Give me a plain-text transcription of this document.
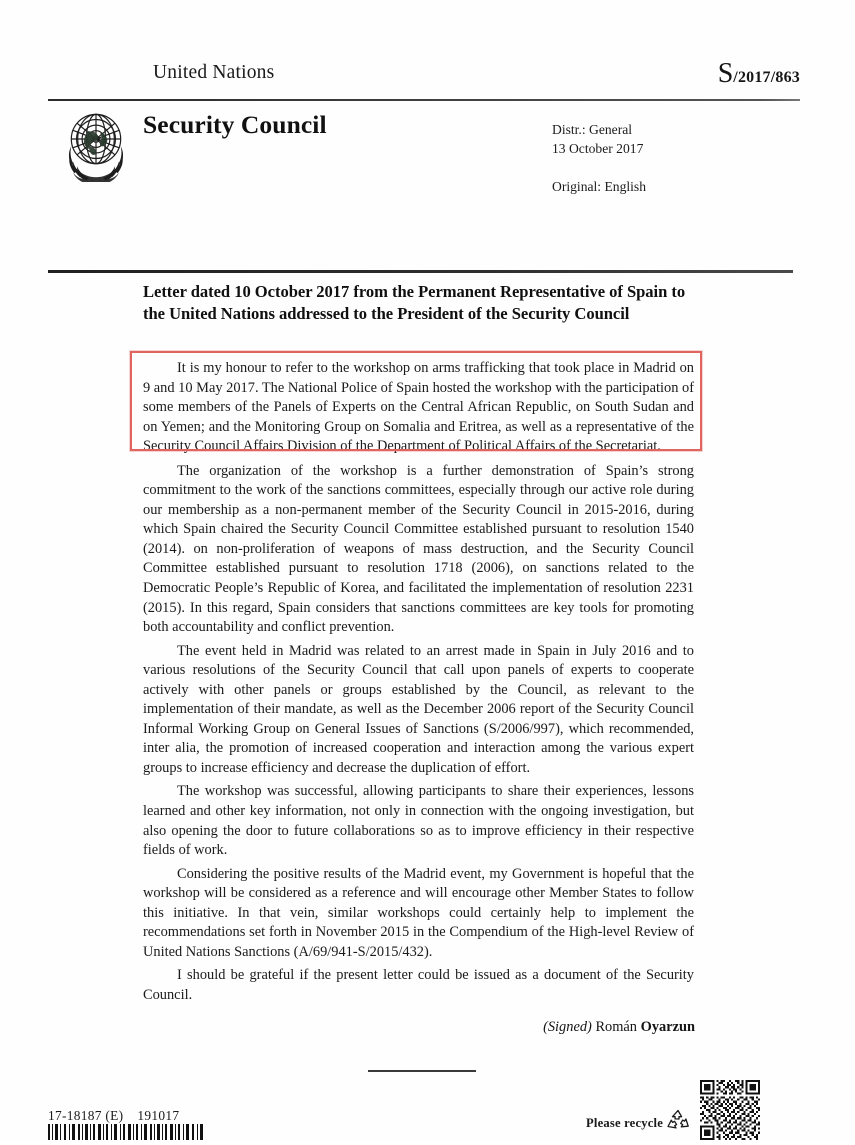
United Nations	S/2017/863
Security Council	Distr.: General
13 October 2017
Original: English
Letter dated 10 October 2017 from the Permanent Representative of Spain to the United Nations addressed to the President of the Security Council

It is my honour to refer to the workshop on arms trafficking that took place in Madrid on 9 and 10 May 2017. The National Police of Spain hosted the workshop with the participation of some members of the Panels of Experts on the Central African Republic, on South Sudan and on Yemen; and the Monitoring Group on Somalia and Eritrea, as well as a representative of the Security Council Affairs Division of the Department of Political Affairs of the Secretariat.

The organization of the workshop is a further demonstration of Spain’s strong commitment to the work of the sanctions committees, especially through our active role during our membership as a non-permanent member of the Security Council in 2015-2016, during which Spain chaired the Security Council Committee established pursuant to resolution 1540 (2014). on non-proliferation of weapons of mass destruction, and the Security Council Committee established pursuant to resolution 1718 (2006), on sanctions related to the Democratic People’s Republic of Korea, and facilitated the implementation of resolution 2231 (2015). In this regard, Spain considers that sanctions committees are key tools for promoting both accountability and conflict prevention.

The event held in Madrid was related to an arrest made in Spain in July 2016 and to various resolutions of the Security Council that call upon panels of experts to cooperate actively with other panels or groups established by the Council, as relevant to the implementation of their mandate, as well as the December 2006 report of the Security Council Informal Working Group on General Issues of Sanctions (S/2006/997), which recommended, inter alia, the promotion of increased cooperation and interaction among the various expert groups to increase efficiency and decrease the duplication of effort.

The workshop was successful, allowing participants to share their experiences, lessons learned and other key information, not only in connection with the ongoing investigation, but also opening the door to future collaborations so as to improve efficiency in their respective fields of work.

Considering the positive results of the Madrid event, my Government is hopeful that the workshop will be considered as a reference and will encourage other Member States to follow this initiative. In that vein, similar workshops could certainly help to implement the recommendations set forth in November 2015 in the Compendium of the High-level Review of United Nations Sanctions (A/69/941-S/2015/432).

I should be grateful if the present letter could be issued as a document of the Security Council.

(Signed) Román Oyarzun
17-18187 (E) 191017	Please recycle
